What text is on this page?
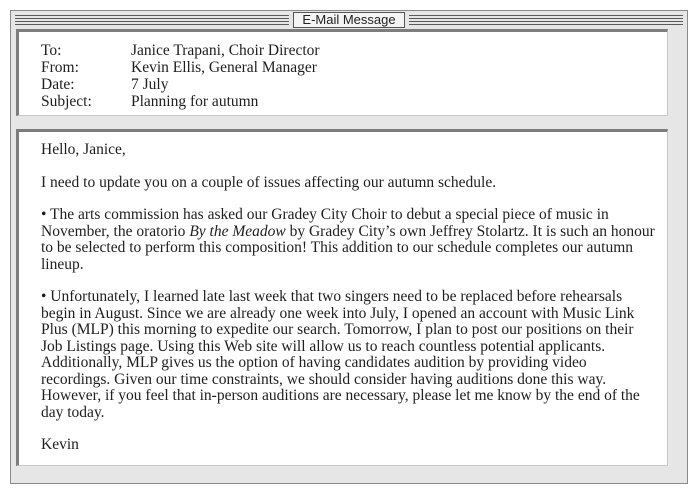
E-Mail Message
To:	Janice Trapani, Choir Director
From:	Kevin Ellis, General Manager
Date:	7 July
Subject:	Planning for autumn

Hello, Janice,

I need to update you on a couple of issues affecting our autumn schedule.

• The arts commission has asked our Gradey City Choir to debut a special piece of music in November, the oratorio By the Meadow by Gradey City’s own Jeffrey Stolartz. It is such an honour to be selected to perform this composition! This addition to our schedule completes our autumn lineup.

• Unfortunately, I learned late last week that two singers need to be replaced before rehearsals begin in August. Since we are already one week into July, I opened an account with Music Link Plus (MLP) this morning to expedite our search. Tomorrow, I plan to post our positions on their Job Listings page. Using this Web site will allow us to reach countless potential applicants. Additionally, MLP gives us the option of having candidates audition by providing video recordings. Given our time constraints, we should consider having auditions done this way. However, if you feel that in-person auditions are necessary, please let me know by the end of the day today.

Kevin
